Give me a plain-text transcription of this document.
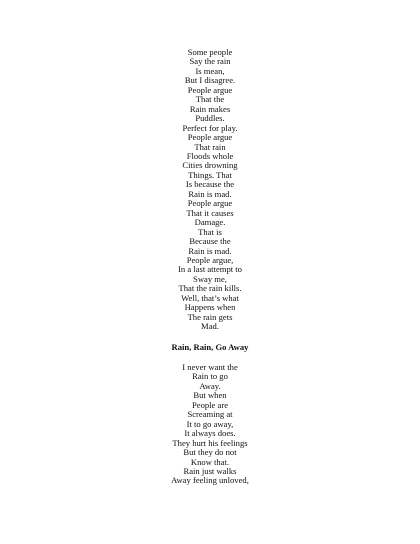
Some people
Say the rain
Is mean,
But I disagree.
People argue
That the
Rain makes
Puddles.
Perfect for play.
People argue
That rain
Floods whole
Cities drowning
Things. That
Is because the
Rain is mad.
People argue
That it causes
Damage.
That is
Because the
Rain is mad.
People argue,
In a last attempt to
Sway me,
That the rain kills.
Well, that’s what
Happens when
The rain gets
Mad.
Rain, Rain, Go Away
I never want the
Rain to go
Away.
But when
People are
Screaming at
It to go away,
It always does.
They hurt his feelings
But they do not
Know that.
Rain just walks
Away feeling unloved,
